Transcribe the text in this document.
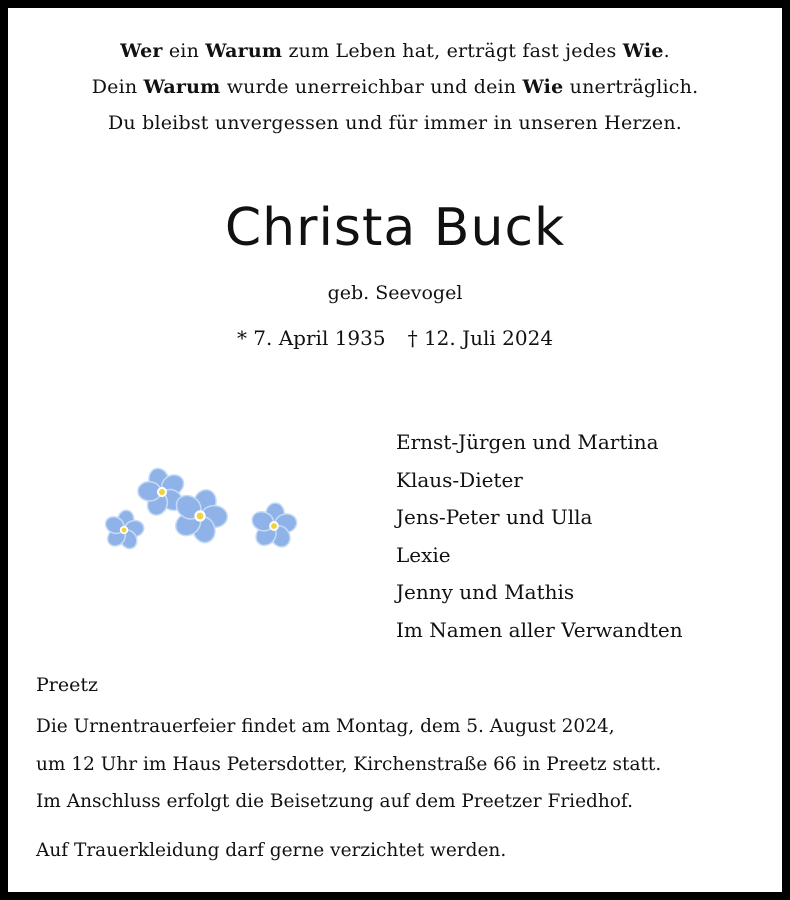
Wer ein Warum zum Leben hat, erträgt fast jedes Wie.
Dein Warum wurde unerreichbar und dein Wie unerträglich.
Du bleibst unvergessen und für immer in unseren Herzen.
Christa Buck
geb. Seevogel
* 7. April 1935 † 12. Juli 2024
Ernst-Jürgen und Martina
Klaus-Dieter
Jens-Peter und Ulla
Lexie
Jenny und Mathis
Im Namen aller Verwandten
Preetz
Die Urnentrauerfeier findet am Montag, dem 5. August 2024,
um 12 Uhr im Haus Petersdotter, Kirchenstraße 66 in Preetz statt.
Im Anschluss erfolgt die Beisetzung auf dem Preetzer Friedhof.
Auf Trauerkleidung darf gerne verzichtet werden.
